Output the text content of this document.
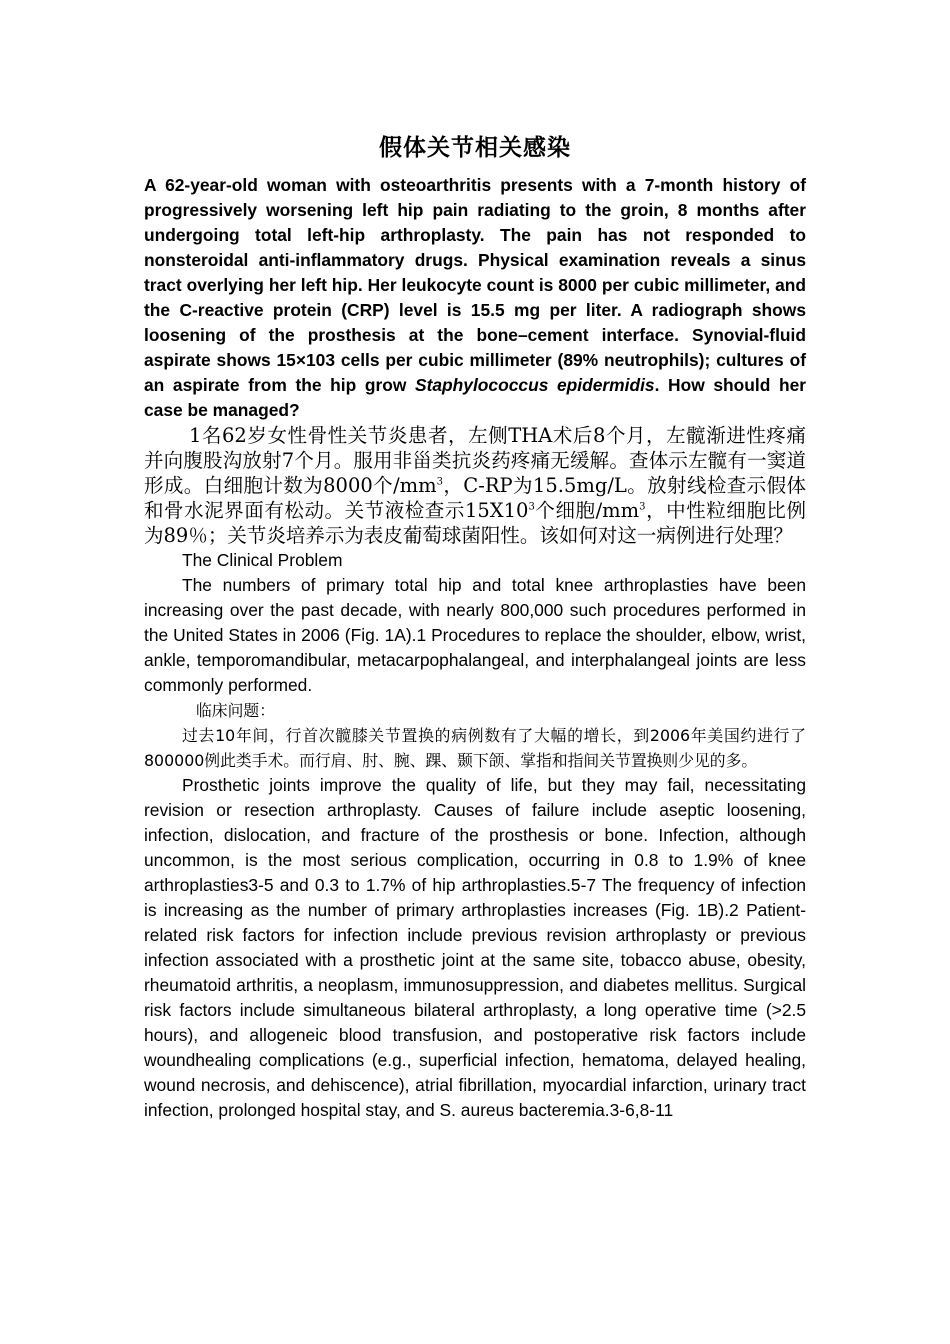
假体关节相关感染

A 62-year-old woman with osteoarthritis presents with a 7-month history of progressively worsening left hip pain radiating to the groin, 8 months after undergoing total left-hip arthroplasty. The pain has not responded to nonsteroidal anti-inflammatory drugs. Physical examination reveals a sinus tract overlying her left hip. Her leukocyte count is 8000 per cubic millimeter, and the C-reactive protein (CRP) level is 15.5 mg per liter. A radiograph shows loosening of the prosthesis at the bone–cement interface. Synovial-fluid aspirate shows 15×103 cells per cubic millimeter (89% neutrophils); cultures of an aspirate from the hip grow Staphylococcus epidermidis. How should her case be managed?

1名62岁女性骨性关节炎患者，左侧THA术后8个月，左髋渐进性疼痛并向腹股沟放射7个月。服用非甾类抗炎药疼痛无缓解。查体示左髋有一窦道形成。白细胞计数为8000个$/mm^3$，C-RP为15.5mg/L。放射线检查示假体和骨水泥界面有松动。关节液检查示$15X10^3$个细胞$/mm^3$，中性粒细胞比例为89％；关节炎培养示为表皮葡萄球菌阳性。该如何对这一病例进行处理？

The Clinical Problem

The numbers of primary total hip and total knee arthroplasties have been increasing over the past decade, with nearly 800,000 such procedures performed in the United States in 2006 (Fig. 1A).1 Procedures to replace the shoulder, elbow, wrist, ankle, temporomandibular, metacarpophalangeal, and interphalangeal joints are less commonly performed.

临床问题：

过去10年间，行首次髋膝关节置换的病例数有了大幅的增长，到2006年美国约进行了800000例此类手术。而行肩、肘、腕、踝、颞下颌、掌指和指间关节置换则少见的多。

Prosthetic joints improve the quality of life, but they may fail, necessitating revision or resection arthroplasty. Causes of failure include aseptic loosening, infection, dislocation, and fracture of the prosthesis or bone. Infection, although uncommon, is the most serious complication, occurring in 0.8 to 1.9% of knee arthroplasties3-5 and 0.3 to 1.7% of hip arthroplasties.5-7 The frequency of infection is increasing as the number of primary arthroplasties increases (Fig. 1B).2 Patient-related risk factors for infection include previous revision arthroplasty or previous infection associated with a prosthetic joint at the same site, tobacco abuse, obesity, rheumatoid arthritis, a neoplasm, immunosuppression, and diabetes mellitus. Surgical risk factors include simultaneous bilateral arthroplasty, a long operative time (>2.5 hours), and allogeneic blood transfusion, and postoperative risk factors include woundhealing complications (e.g., superficial infection, hematoma, delayed healing, wound necrosis, and dehiscence), atrial fibrillation, myocardial infarction, urinary tract infection, prolonged hospital stay, and S. aureus bacteremia.3-6,8-11
